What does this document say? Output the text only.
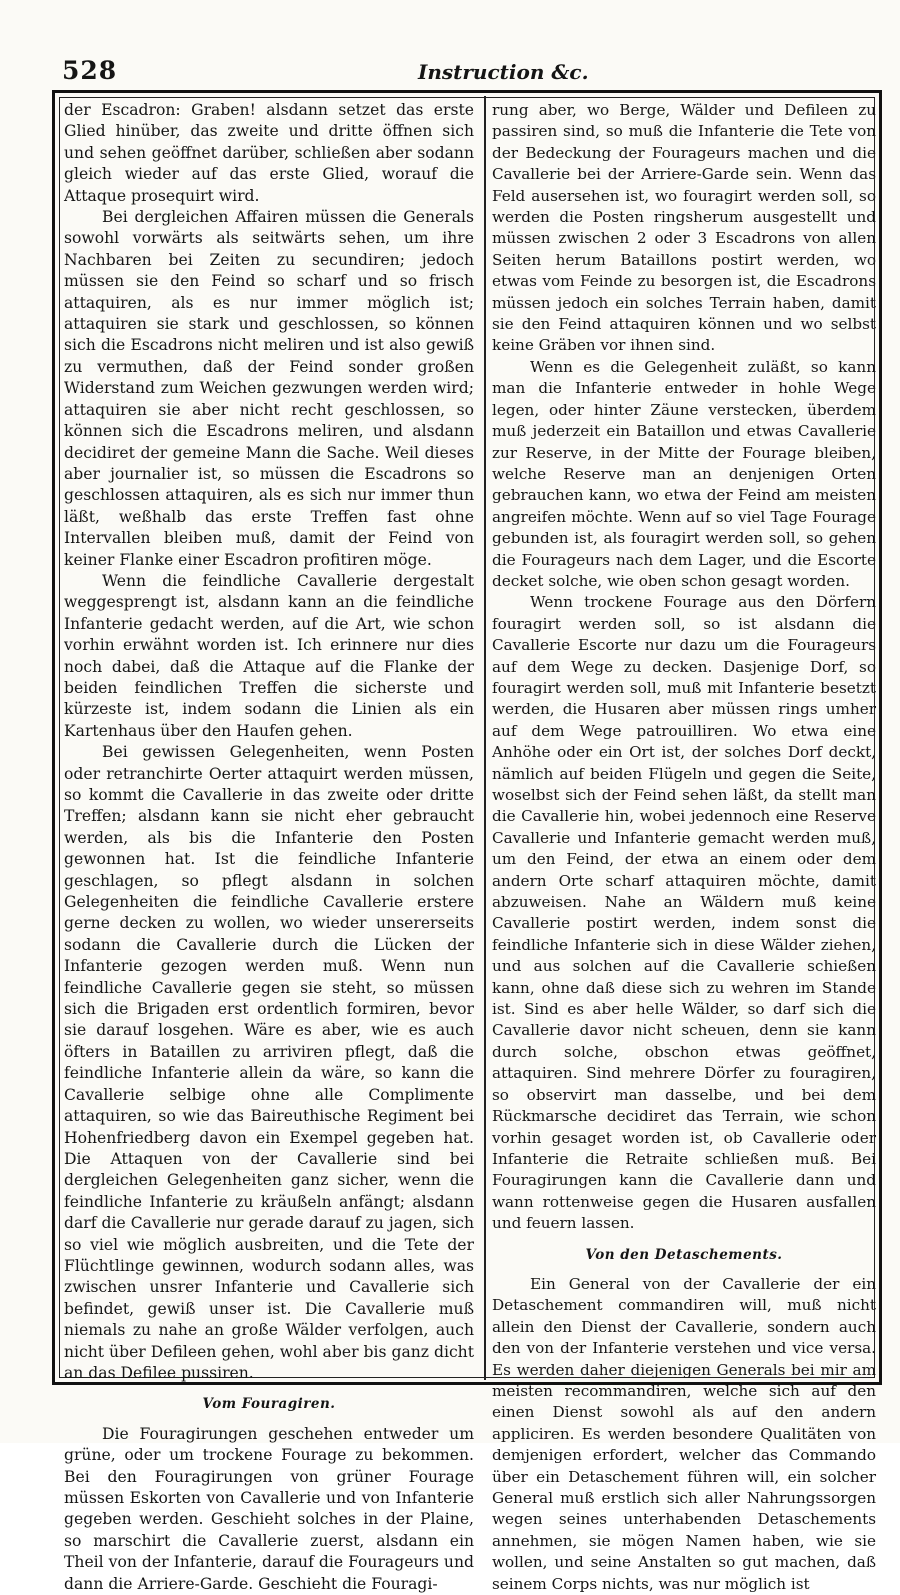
528	Instruction &c.

der Escadron: Graben! alsdann setzet das erste Glied hinüber, das zweite und dritte öffnen sich und sehen geöffnet darüber, schließen aber sodann gleich wieder auf das erste Glied, worauf die Attaque prosequirt wird.

Bei dergleichen Affairen müssen die Generals sowohl vorwärts als seitwärts sehen, um ihre Nachbaren bei Zeiten zu secundiren; jedoch müssen sie den Feind so scharf und so frisch attaquiren, als es nur immer möglich ist; attaquiren sie stark und geschlossen, so können sich die Escadrons nicht meliren und ist also gewiß zu vermuthen, daß der Feind sonder großen Widerstand zum Weichen gezwungen werden wird; attaquiren sie aber nicht recht geschlossen, so können sich die Escadrons meliren, und alsdann decidiret der gemeine Mann die Sache. Weil dieses aber journalier ist, so müssen die Escadrons so geschlossen attaquiren, als es sich nur immer thun läßt, weßhalb das erste Treffen fast ohne Intervallen bleiben muß, damit der Feind von keiner Flanke einer Escadron profitiren möge.

Wenn die feindliche Cavallerie dergestalt weggesprengt ist, alsdann kann an die feindliche Infanterie gedacht werden, auf die Art, wie schon vorhin erwähnt worden ist. Ich erinnere nur dies noch dabei, daß die Attaque auf die Flanke der beiden feindlichen Treffen die sicherste und kürzeste ist, indem sodann die Linien als ein Kartenhaus über den Haufen gehen.

Bei gewissen Gelegenheiten, wenn Posten oder retranchirte Oerter attaquirt werden müssen, so kommt die Cavallerie in das zweite oder dritte Treffen; alsdann kann sie nicht eher gebraucht werden, als bis die Infanterie den Posten gewonnen hat. Ist die feindliche Infanterie geschlagen, so pflegt alsdann in solchen Gelegenheiten die feindliche Cavallerie erstere gerne decken zu wollen, wo wieder unsererseits sodann die Cavallerie durch die Lücken der Infanterie gezogen werden muß. Wenn nun feindliche Cavallerie gegen sie steht, so müssen sich die Brigaden erst ordentlich formiren, bevor sie darauf losgehen. Wäre es aber, wie es auch öfters in Bataillen zu arriviren pflegt, daß die feindliche Infanterie allein da wäre, so kann die Cavallerie selbige ohne alle Complimente attaquiren, so wie das Baireuthische Regiment bei Hohenfriedberg davon ein Exempel gegeben hat. Die Attaquen von der Cavallerie sind bei dergleichen Gelegenheiten ganz sicher, wenn die feindliche Infanterie zu kräußeln anfängt; alsdann darf die Cavallerie nur gerade darauf zu jagen, sich so viel wie möglich ausbreiten, und die Tete der Flüchtlinge gewinnen, wodurch sodann alles, was zwischen unsrer Infanterie und Cavallerie sich befindet, gewiß unser ist. Die Cavallerie muß niemals zu nahe an große Wälder verfolgen, auch nicht über Defileen gehen, wohl aber bis ganz dicht an das Defilee pussiren.

Vom Fouragiren.

Die Fouragirungen geschehen entweder um grüne, oder um trockene Fourage zu bekommen. Bei den Fouragirungen von grüner Fourage müssen Eskorten von Cavallerie und von Infanterie gegeben werden. Geschieht solches in der Plaine, so marschirt die Cavallerie zuerst, alsdann ein Theil von der Infanterie, darauf die Fourageurs und dann die Arriere-Garde. Geschieht die Fouragi-

rung aber, wo Berge, Wälder und Defileen zu passiren sind, so muß die Infanterie die Tete von der Bedeckung der Fourageurs machen und die Cavallerie bei der Arriere-Garde sein. Wenn das Feld ausersehen ist, wo fouragirt werden soll, so werden die Posten ringsherum ausgestellt und müssen zwischen 2 oder 3 Escadrons von allen Seiten herum Bataillons postirt werden, wo etwas vom Feinde zu besorgen ist, die Escadrons müssen jedoch ein solches Terrain haben, damit sie den Feind attaquiren können und wo selbst keine Gräben vor ihnen sind.

Wenn es die Gelegenheit zuläßt, so kann man die Infanterie entweder in hohle Wege legen, oder hinter Zäune verstecken, überdem muß jederzeit ein Bataillon und etwas Cavallerie zur Reserve, in der Mitte der Fourage bleiben, welche Reserve man an denjenigen Orten gebrauchen kann, wo etwa der Feind am meisten angreifen möchte. Wenn auf so viel Tage Fourage gebunden ist, als fouragirt werden soll, so gehen die Fourageurs nach dem Lager, und die Escorte decket solche, wie oben schon gesagt worden.

Wenn trockene Fourage aus den Dörfern fouragirt werden soll, so ist alsdann die Cavallerie Escorte nur dazu um die Fourageurs auf dem Wege zu decken. Dasjenige Dorf, so fouragirt werden soll, muß mit Infanterie besetzt werden, die Husaren aber müssen rings umher auf dem Wege patrouilliren. Wo etwa eine Anhöhe oder ein Ort ist, der solches Dorf deckt, nämlich auf beiden Flügeln und gegen die Seite, woselbst sich der Feind sehen läßt, da stellt man die Cavallerie hin, wobei jedennoch eine Reserve Cavallerie und Infanterie gemacht werden muß, um den Feind, der etwa an einem oder dem andern Orte scharf attaquiren möchte, damit abzuweisen. Nahe an Wäldern muß keine Cavallerie postirt werden, indem sonst die feindliche Infanterie sich in diese Wälder ziehen, und aus solchen auf die Cavallerie schießen kann, ohne daß diese sich zu wehren im Stande ist. Sind es aber helle Wälder, so darf sich die Cavallerie davor nicht scheuen, denn sie kann durch solche, obschon etwas geöffnet, attaquiren. Sind mehrere Dörfer zu fouragiren, so observirt man dasselbe, und bei dem Rückmarsche decidiret das Terrain, wie schon vorhin gesaget worden ist, ob Cavallerie oder Infanterie die Retraite schließen muß. Bei Fouragirungen kann die Cavallerie dann und wann rottenweise gegen die Husaren ausfallen und feuern lassen.

Von den Detaschements.

Ein General von der Cavallerie der ein Detaschement commandiren will, muß nicht allein den Dienst der Cavallerie, sondern auch den von der Infanterie verstehen und vice versa. Es werden daher diejenigen Generals bei mir am meisten recommandiren, welche sich auf den einen Dienst sowohl als auf den andern appliciren. Es werden besondere Qualitäten von demjenigen erfordert, welcher das Commando über ein Detaschement führen will, ein solcher General muß erstlich sich aller Nahrungssorgen wegen seines unterhabenden Detaschements annehmen, sie mögen Namen haben, wie sie wollen, und seine Anstalten so gut machen, daß seinem Corps nichts, was nur möglich ist
